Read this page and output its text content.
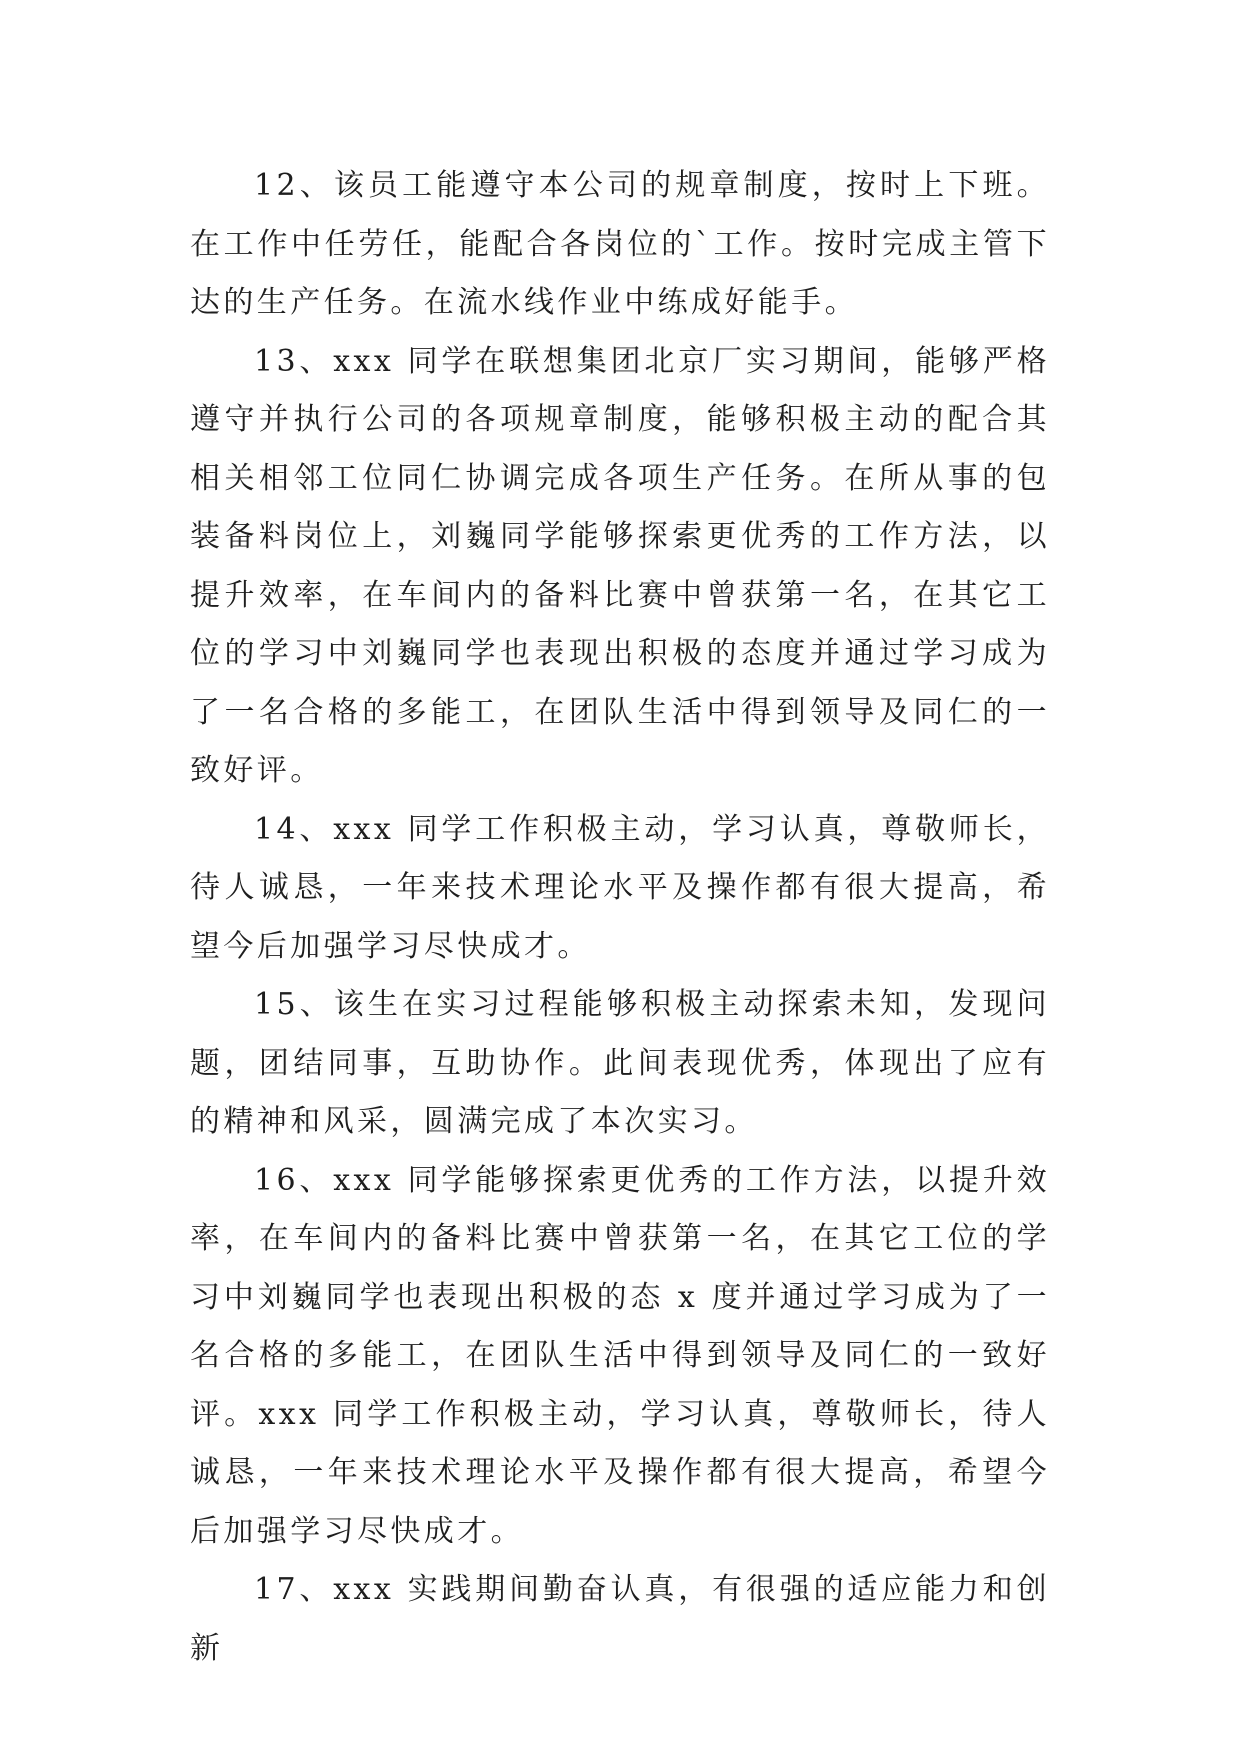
12、该员工能遵守本公司的规章制度，按时上下班。在工作中任劳任，能配合各岗位的`工作。按时完成主管下达的生产任务。在流水线作业中练成好能手。

13、xxx 同学在联想集团北京厂实习期间，能够严格遵守并执行公司的各项规章制度，能够积极主动的配合其相关相邻工位同仁协调完成各项生产任务。在所从事的包装备料岗位上，刘巍同学能够探索更优秀的工作方法，以提升效率，在车间内的备料比赛中曾获第一名，在其它工位的学习中刘巍同学也表现出积极的态度并通过学习成为了一名合格的多能工，在团队生活中得到领导及同仁的一致好评。

14、xxx 同学工作积极主动，学习认真，尊敬师长，待人诚恳，一年来技术理论水平及操作都有很大提高，希望今后加强学习尽快成才。

15、该生在实习过程能够积极主动探索未知，发现问题，团结同事，互助协作。此间表现优秀，体现出了应有的精神和风采，圆满完成了本次实习。

16、xxx 同学能够探索更优秀的工作方法，以提升效率，在车间内的备料比赛中曾获第一名，在其它工位的学习中刘巍同学也表现出积极的态 x 度并通过学习成为了一名合格的多能工，在团队生活中得到领导及同仁的一致好评。xxx 同学工作积极主动，学习认真，尊敬师长，待人诚恳，一年来技术理论水平及操作都有很大提高，希望今后加强学习尽快成才。

17、xxx 实践期间勤奋认真，有很强的适应能力和创新
